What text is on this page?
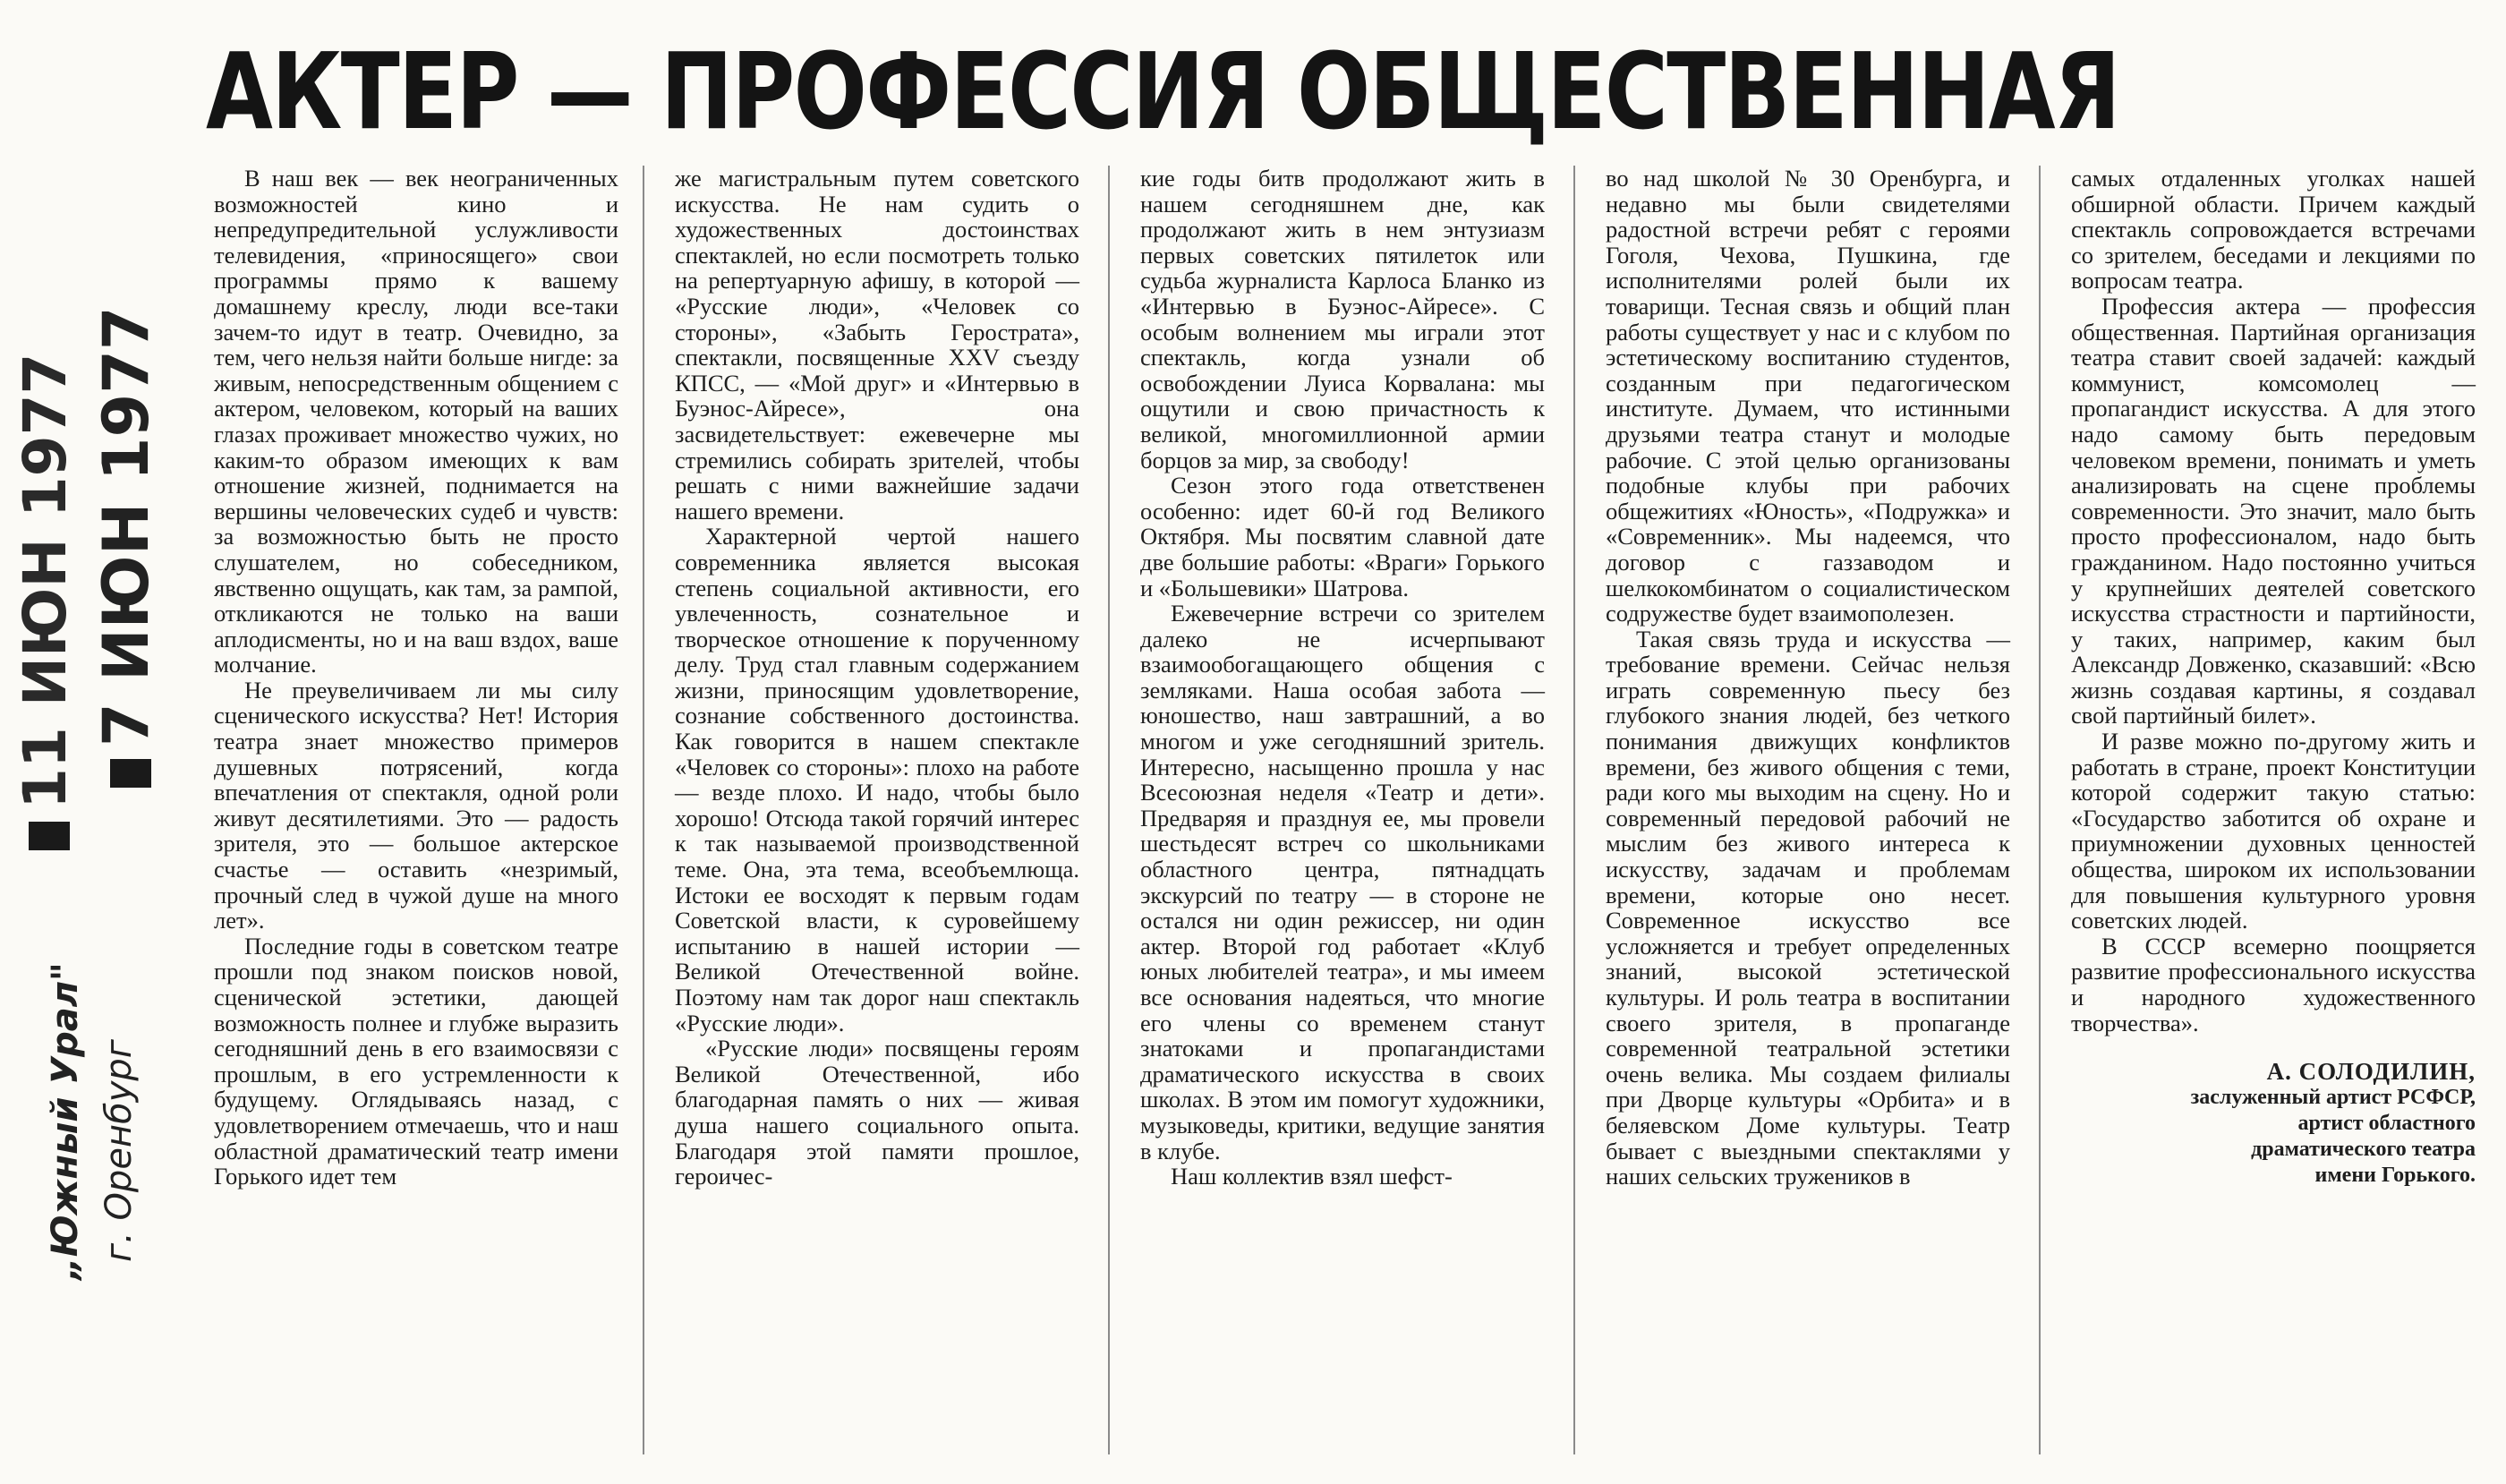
АКТЕР — ПРОФЕССИЯ ОБЩЕСТВЕННАЯ
11 ИЮН 1977 7 ИЮН 1977
„Южный Урал" г. Оренбург

В наш век — век неограниченных возможностей кино и непредупредительной услужливости телевидения, «приносящего» свои программы прямо к вашему домашнему креслу, люди все-таки зачем-то идут в театр. Очевидно, за тем, чего нельзя найти больше нигде: за живым, непосредственным общением с актером, человеком, который на ваших глазах проживает множество чужих, но каким-то образом имеющих к вам отношение жизней, поднимается на вершины человеческих судеб и чувств: за возможностью быть не просто слушателем, но собеседником, явственно ощущать, как там, за рампой, откликаются не только на ваши аплодисменты, но и на ваш вздох, ваше молчание.

Не преувеличиваем ли мы силу сценического искусства? Нет! История театра знает множество примеров душевных потрясений, когда впечатления от спектакля, одной роли живут десятилетиями. Это — радость зрителя, это — большое актерское счастье — оставить «незримый, прочный след в чужой душе на много лет».

Последние годы в советском театре прошли под знаком поисков новой, сценической эстетики, дающей возможность полнее и глубже выразить сегодняшний день в его взаимосвязи с прошлым, в его устремленности к будущему. Оглядываясь назад, с удовлетворением отмечаешь, что и наш областной драматический театр имени Горького идет тем

же магистральным путем советского искусства. Не нам судить о художественных достоинствах спектаклей, но если посмотреть только на репертуарную афишу, в которой — «Русские люди», «Человек со стороны», «Забыть Герострата», спектакли, посвященные XXV съезду КПСС, — «Мой друг» и «Интервью в Буэнос-Айресе», она засвидетельствует: ежевечерне мы стремились собирать зрителей, чтобы решать с ними важнейшие задачи нашего времени.

Характерной чертой нашего современника является высокая степень социальной активности, его увлеченность, сознательное и творческое отношение к порученному делу. Труд стал главным содержанием жизни, приносящим удовлетворение, сознание собственного достоинства. Как говорится в нашем спектакле «Человек со стороны»: плохо на работе — везде плохо. И надо, чтобы было хорошо! Отсюда такой горячий интерес к так называемой производственной теме. Она, эта тема, всеобъемлюща. Истоки ее восходят к первым годам Советской власти, к суровейшему испытанию в нашей истории — Великой Отечественной войне. Поэтому нам так дорог наш спектакль «Русские люди».

«Русские люди» посвящены героям Великой Отечественной, ибо благодарная память о них — живая душа нашего социального опыта. Благодаря этой памяти прошлое, героичес-

кие годы битв продолжают жить в нашем сегодняшнем дне, как продолжают жить в нем энтузиазм первых советских пятилеток или судьба журналиста Карлоса Бланко из «Интервью в Буэнос-Айресе». С особым волнением мы играли этот спектакль, когда узнали об освобождении Луиса Корвалана: мы ощутили и свою причастность к великой, многомиллионной армии борцов за мир, за свободу!

Сезон этого года ответственен особенно: идет 60-й год Великого Октября. Мы посвятим славной дате две большие работы: «Враги» Горького и «Большевики» Шатрова.

Ежевечерние встречи со зрителем далеко не исчерпывают взаимообогащающего общения с земляками. Наша особая забота — юношество, наш завтрашний, а во многом и уже сегодняшний зритель. Интересно, насыщенно прошла у нас Всесоюзная неделя «Театр и дети». Предваряя и празднуя ее, мы провели шестьдесят встреч со школьниками областного центра, пятнадцать экскурсий по театру — в стороне не остался ни один режиссер, ни один актер. Второй год работает «Клуб юных любителей театра», и мы имеем все основания надеяться, что многие его члены со временем станут знатоками и пропагандистами драматического искусства в своих школах. В этом им помогут художники, музыковеды, критики, ведущие занятия в клубе.

Наш коллектив взял шефст-

во над школой № 30 Оренбурга, и недавно мы были свидетелями радостной встречи ребят с героями Гоголя, Чехова, Пушкина, где исполнителями ролей были их товарищи. Тесная связь и общий план работы существует у нас и с клубом по эстетическому воспитанию студентов, созданным при педагогическом институте. Думаем, что истинными друзьями театра станут и молодые рабочие. С этой целью организованы подобные клубы при рабочих общежитиях «Юность», «Подружка» и «Современник». Мы надеемся, что договор с газзаводом и шелкокомбинатом о социалистическом содружестве будет взаимополезен.

Такая связь труда и искусства — требование времени. Сейчас нельзя играть современную пьесу без глубокого знания людей, без четкого понимания движущих конфликтов времени, без живого общения с теми, ради кого мы выходим на сцену. Но и современный передовой рабочий не мыслим без живого интереса к искусству, задачам и проблемам времени, которые оно несет. Современное искусство все усложняется и требует определенных знаний, высокой эстетической культуры. И роль театра в воспитании своего зрителя, в пропаганде современной театральной эстетики очень велика. Мы создаем филиалы при Дворце культуры «Орбита» и в беляевском Доме культуры. Театр бывает с выездными спектаклями у наших сельских тружеников в

самых отдаленных уголках нашей обширной области. Причем каждый спектакль сопровождается встречами со зрителем, беседами и лекциями по вопросам театра.

Профессия актера — профессия общественная. Партийная организация театра ставит своей задачей: каждый коммунист, комсомолец — пропагандист искусства. А для этого надо самому быть передовым человеком времени, понимать и уметь анализировать на сцене проблемы современности. Это значит, мало быть просто профессионалом, надо быть гражданином. Надо постоянно учиться у крупнейших деятелей советского искусства страстности и партийности, у таких, например, каким был Александр Довженко, сказавший: «Всю жизнь создавая картины, я создавал свой партийный билет».

И разве можно по-другому жить и работать в стране, проект Конституции которой содержит такую статью: «Государство заботится об охране и приумножении духовных ценностей общества, широком их использовании для повышения культурного уровня советских людей.

В СССР всемерно поощряется развитие профессионального искусства и народного художественного творчества».

А. СОЛОДИЛИН,
заслуженный артист РСФСР,
артист областного
драматического театра
имени Горького.
